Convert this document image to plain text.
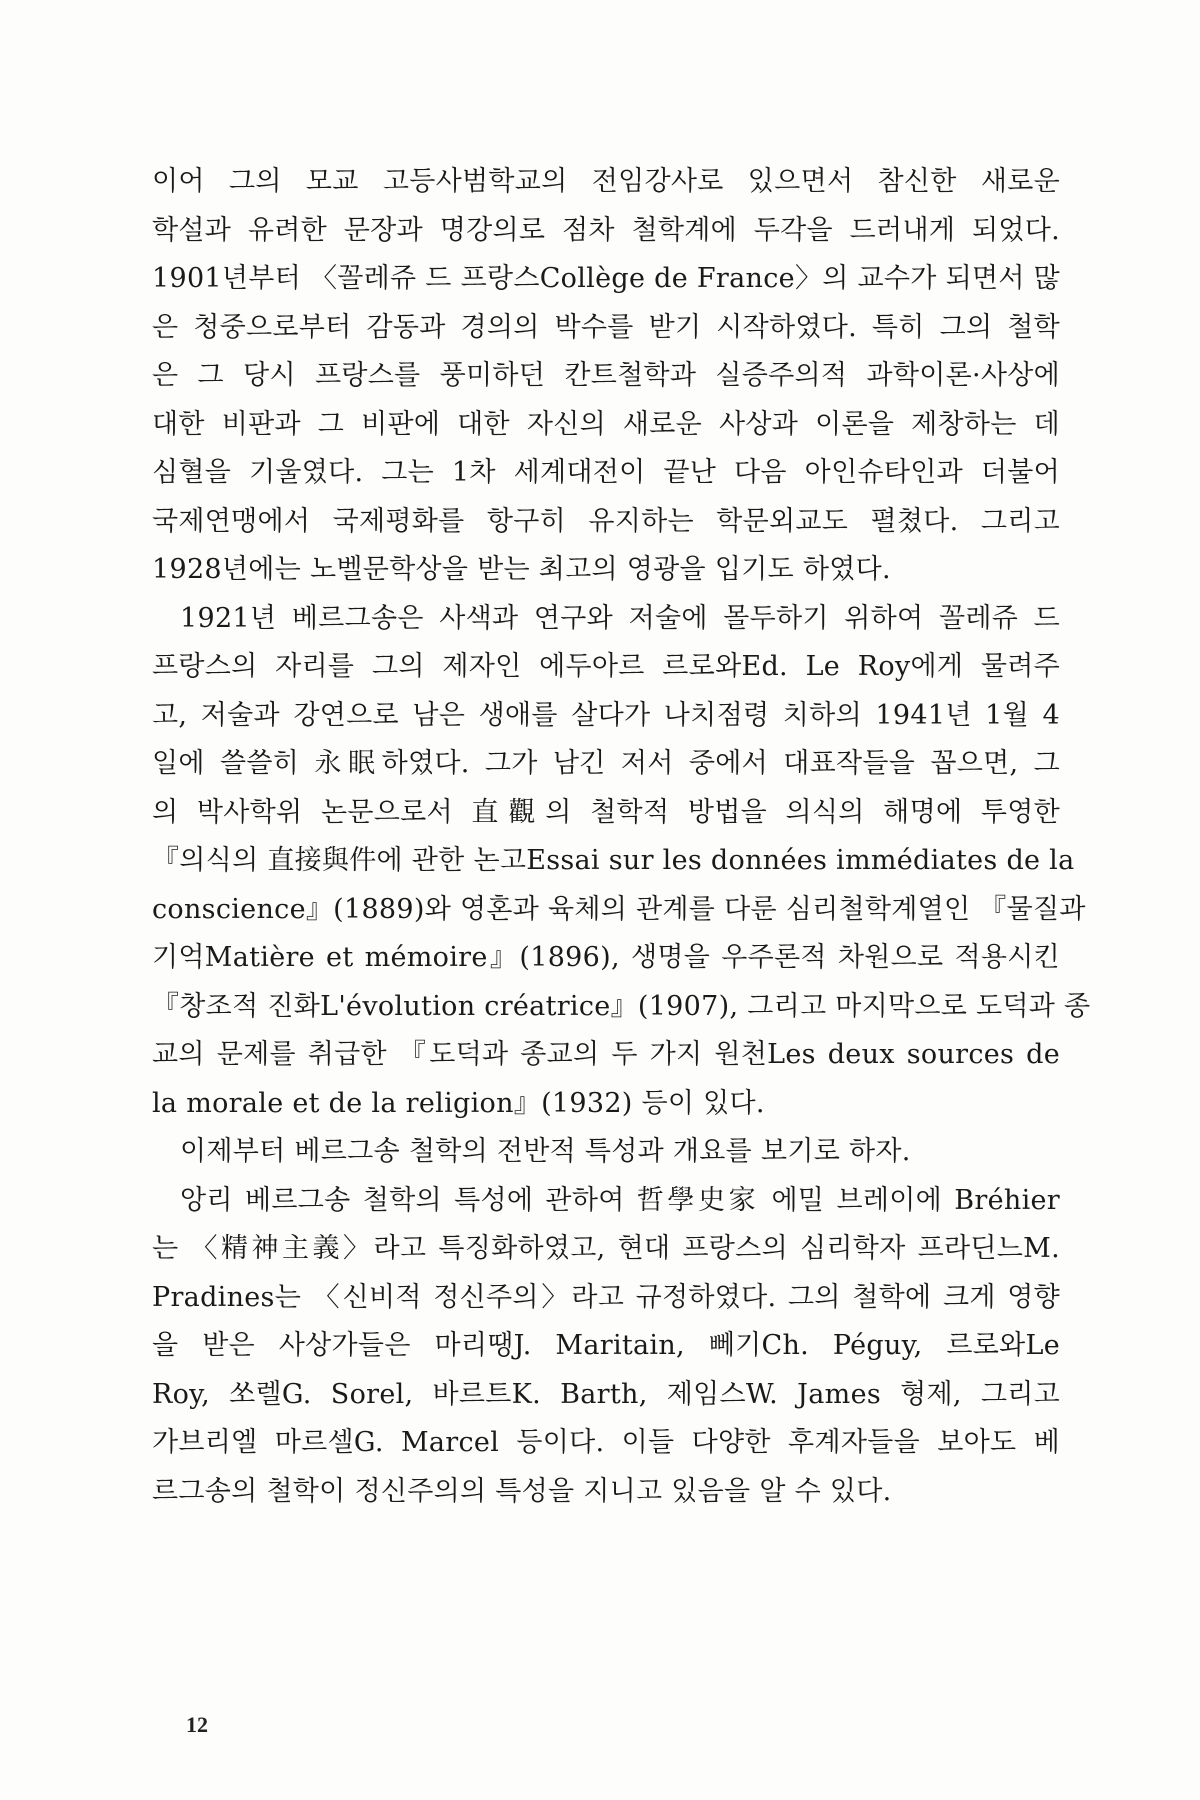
이어 그의 모교 고등사범학교의 전임강사로 있으면서 참신한 새로운
학설과 유려한 문장과 명강의로 점차 철학계에 두각을 드러내게 되었다.
1901년부터 〈꼴레쥬 드 프랑스Collège de France〉의 교수가 되면서 많
은 청중으로부터 감동과 경의의 박수를 받기 시작하였다. 특히 그의 철학
은 그 당시 프랑스를 풍미하던 칸트철학과 실증주의적 과학이론·사상에
대한 비판과 그 비판에 대한 자신의 새로운 사상과 이론을 제창하는 데
심혈을 기울였다. 그는 1차 세계대전이 끝난 다음 아인슈타인과 더불어
국제연맹에서 국제평화를 항구히 유지하는 학문외교도 펼쳤다. 그리고
1928년에는 노벨문학상을 받는 최고의 영광을 입기도 하였다.
1921년 베르그송은 사색과 연구와 저술에 몰두하기 위하여 꼴레쥬 드
프랑스의 자리를 그의 제자인 에두아르 르로와Ed. Le Roy에게 물려주
고, 저술과 강연으로 남은 생애를 살다가 나치점령 치하의 1941년 1월 4
일에 쓸쓸히 永眠하였다. 그가 남긴 저서 중에서 대표작들을 꼽으면, 그
의 박사학위 논문으로서 直觀의 철학적 방법을 의식의 해명에 투영한
『의식의 直接與件에 관한 논고Essai sur les données immédiates de la
conscience』(1889)와 영혼과 육체의 관계를 다룬 심리철학계열인 『물질과
기억Matière et mémoire』(1896), 생명을 우주론적 차원으로 적용시킨
『창조적 진화L'évolution créatrice』(1907), 그리고 마지막으로 도덕과 종
교의 문제를 취급한 『도덕과 종교의 두 가지 원천Les deux sources de
la morale et de la religion』(1932) 등이 있다.
이제부터 베르그송 철학의 전반적 특성과 개요를 보기로 하자.
앙리 베르그송 철학의 특성에 관하여 哲學史家 에밀 브레이에 Bréhier
는 〈精神主義〉라고 특징화하였고, 현대 프랑스의 심리학자 프라딘느M.
Pradines는 〈신비적 정신주의〉라고 규정하였다. 그의 철학에 크게 영향
을 받은 사상가들은 마리땡J. Maritain, 뻬기Ch. Péguy, 르로와Le
Roy, 쏘렐G. Sorel, 바르트K. Barth, 제임스W. James 형제, 그리고
가브리엘 마르셀G. Marcel 등이다. 이들 다양한 후계자들을 보아도 베
르그송의 철학이 정신주의의 특성을 지니고 있음을 알 수 있다.
12
